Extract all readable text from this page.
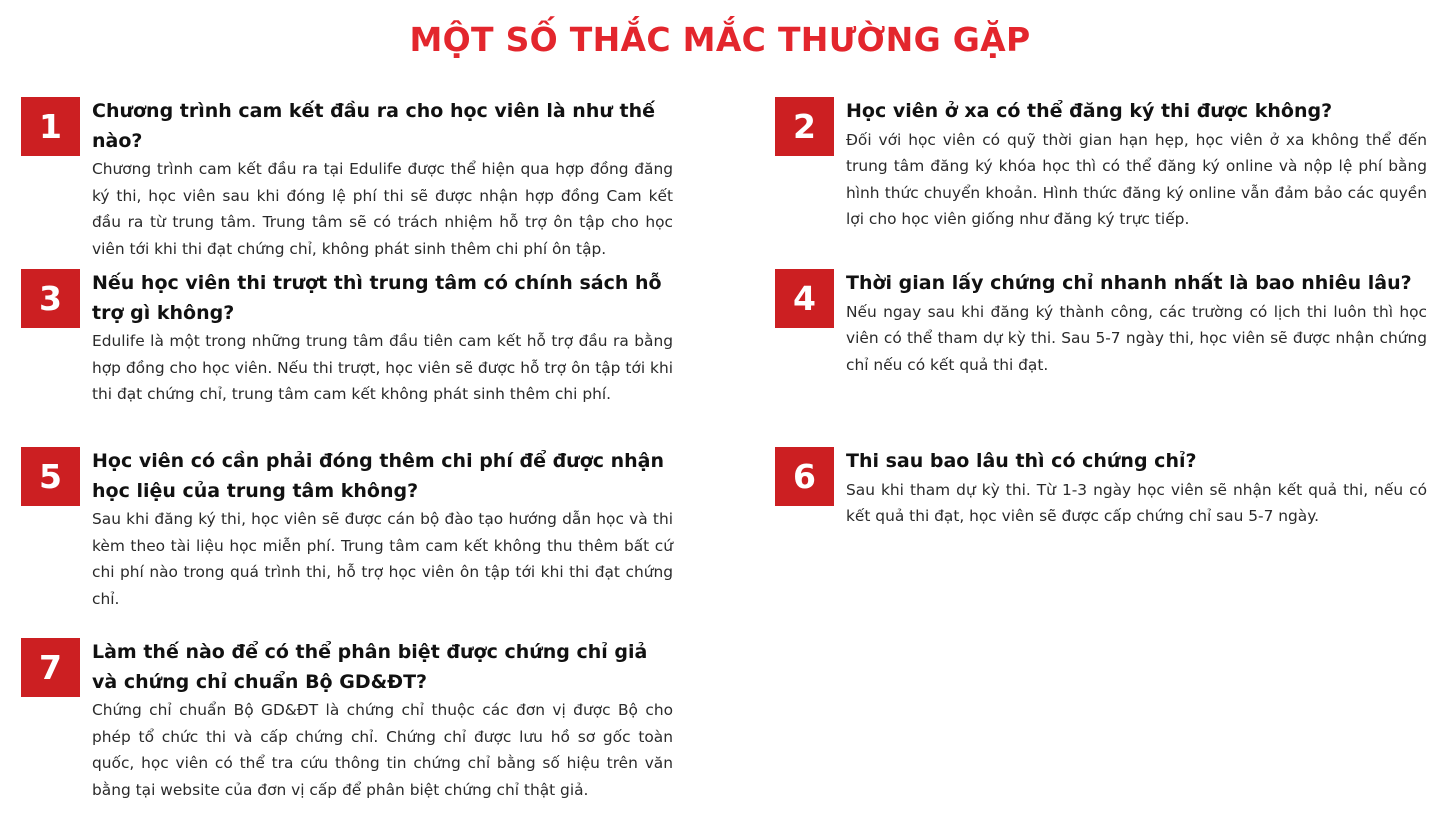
MỘT SỐ THẮC MẮC THƯỜNG GẶP
1	Chương trình cam kết đầu ra cho học viên là như thế nào?

Chương trình cam kết đầu ra tại Edulife được thể hiện qua hợp đồng đăng ký thi, học viên sau khi đóng lệ phí thi sẽ được nhận hợp đồng Cam kết đầu ra từ trung tâm. Trung tâm sẽ có trách nhiệm hỗ trợ ôn tập cho học viên tới khi thi đạt chứng chỉ, không phát sinh thêm chi phí ôn tập.

2	Học viên ở xa có thể đăng ký thi được không?

Đối với học viên có quỹ thời gian hạn hẹp, học viên ở xa không thể đến trung tâm đăng ký khóa học thì có thể đăng ký online và nộp lệ phí bằng hình thức chuyển khoản. Hình thức đăng ký online vẫn đảm bảo các quyền lợi cho học viên giống như đăng ký trực tiếp.

3	Nếu học viên thi trượt thì trung tâm có chính sách hỗ trợ gì không?

Edulife là một trong những trung tâm đầu tiên cam kết hỗ trợ đầu ra bằng hợp đồng cho học viên. Nếu thi trượt, học viên sẽ được hỗ trợ ôn tập tới khi thi đạt chứng chỉ, trung tâm cam kết không phát sinh thêm chi phí.

4	Thời gian lấy chứng chỉ nhanh nhất là bao nhiêu lâu?

Nếu ngay sau khi đăng ký thành công, các trường có lịch thi luôn thì học viên có thể tham dự kỳ thi. Sau 5-7 ngày thi, học viên sẽ được nhận chứng chỉ nếu có kết quả thi đạt.

5	Học viên có cần phải đóng thêm chi phí để được nhận học liệu của trung tâm không?

Sau khi đăng ký thi, học viên sẽ được cán bộ đào tạo hướng dẫn học và thi kèm theo tài liệu học miễn phí. Trung tâm cam kết không thu thêm bất cứ chi phí nào trong quá trình thi, hỗ trợ học viên ôn tập tới khi thi đạt chứng chỉ.

6	Thi sau bao lâu thì có chứng chỉ?

Sau khi tham dự kỳ thi. Từ 1-3 ngày học viên sẽ nhận kết quả thi, nếu có kết quả thi đạt, học viên sẽ được cấp chứng chỉ sau 5-7 ngày.

7	Làm thế nào để có thể phân biệt được chứng chỉ giả và chứng chỉ chuẩn Bộ GD&ĐT?

Chứng chỉ chuẩn Bộ GD&ĐT là chứng chỉ thuộc các đơn vị được Bộ cho phép tổ chức thi và cấp chứng chỉ. Chứng chỉ được lưu hồ sơ gốc toàn quốc, học viên có thể tra cứu thông tin chứng chỉ bằng số hiệu trên văn bằng tại website của đơn vị cấp để phân biệt chứng chỉ thật giả.
